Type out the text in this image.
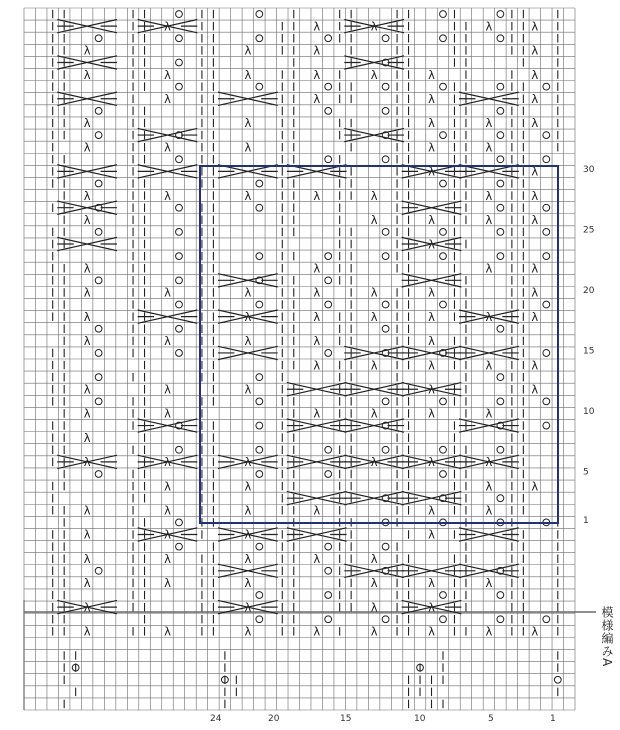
λ	λ	λ	λ	λ
λ	λ	λ	λ
λ	λ	λ	λ	λ	λ	λ
λ	λ	λ	λ
λ	λ	λ	λ	λ
λ	λ	λ	λ	λ
λ	λ
λ	λ	λ	λ	λ	λ	λ
λ	λ	λ	λ	λ
λ
λ	λ	λ	λ
λ	λ	λ	λ	λ	λ	λ
λ	λ	λ	λ	λ	λ	λ
λ	λ	λ	λ	λ
λ	λ	λ	λ	λ
λ	λ	λ	λ	λ
λ	λ	λ	λ	λ	λ
λ
λ	λ	λ	λ	λ	λ
λ	λ	λ	λ
λ	λ	λ	λ	λ	λ
λ	λ	λ	λ
λ	λ	λ	λ	λ
λ	λ	λ	λ	λ	λ
λ	λ	λ	λ
λ	λ	λ	λ	λ	λ	λ	λ
1
5
10
15
20
25
30
24	20	15	10	5	1
模様編みA
